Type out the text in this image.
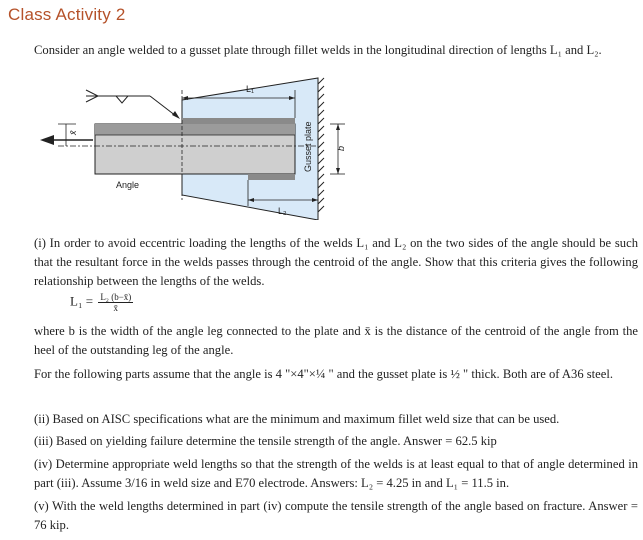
Class Activity 2
Consider an angle welded to a gusset plate through fillet welds in the longitudinal direction of lengths L₁ and L₂.
x̄
L₁
L₂
b
Angle
Gusset plate
(i) In order to avoid eccentric loading the lengths of the welds L₁ and L₂ on the two sides of the angle should be such that the resultant force in the welds passes through the centroid of the angle. Show that this criteria gives the following relationship between the lengths of the welds.
$L_1 = \frac{\text{L₂ (b−x̄)}}{x̄}$
where b is the width of the angle leg connected to the plate and x̄ is the distance of the centroid of the angle from the heel of the outstanding leg of the angle.
For the following parts assume that the angle is 4 "×4"×¼ " and the gusset plate is ½ " thick. Both are of A36 steel.
(ii) Based on AISC specifications what are the minimum and maximum fillet weld size that can be used.
(iii) Based on yielding failure determine the tensile strength of the angle. Answer = 62.5 kip
(iv) Determine appropriate weld lengths so that the strength of the welds is at least equal to that of angle determined in part (iii). Assume 3/16 in weld size and E70 electrode. Answers: L₂ = 4.25 in and L₁ = 11.5 in.
(v) With the weld lengths determined in part (iv) compute the tensile strength of the angle based on fracture. Answer = 76 kip.
